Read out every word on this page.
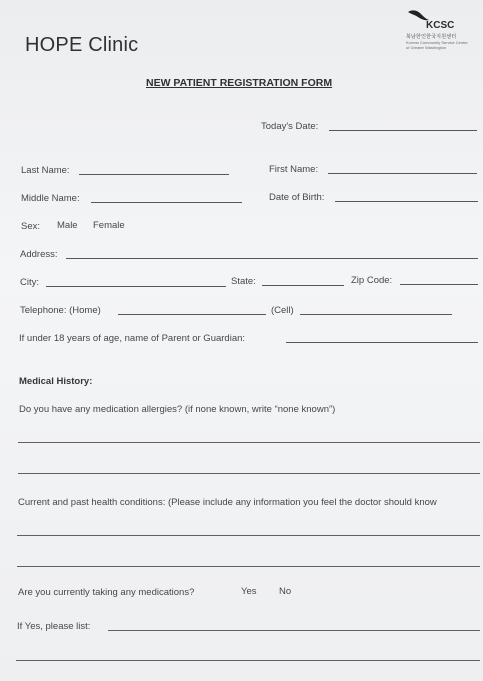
HOPE Clinic
KCSC
북남한인한국지원센터
Korean Community Service Center
of Greater Washington
NEW PATIENT REGISTRATION FORM
Today's Date:
Last Name:	First Name:
Middle Name:	Date of Birth:
Sex: Male Female
Address:
City:	State:	Zip Code:
Telephone: (Home)	(Cell)
If under 18 years of age, name of Parent or Guardian:
Medical History:
Do you have any medication allergies? (if none known, write “none known”)
Current and past health conditions: (Please include any information you feel the doctor should know
Are you currently taking any medications?	Yes No
If Yes, please list:
